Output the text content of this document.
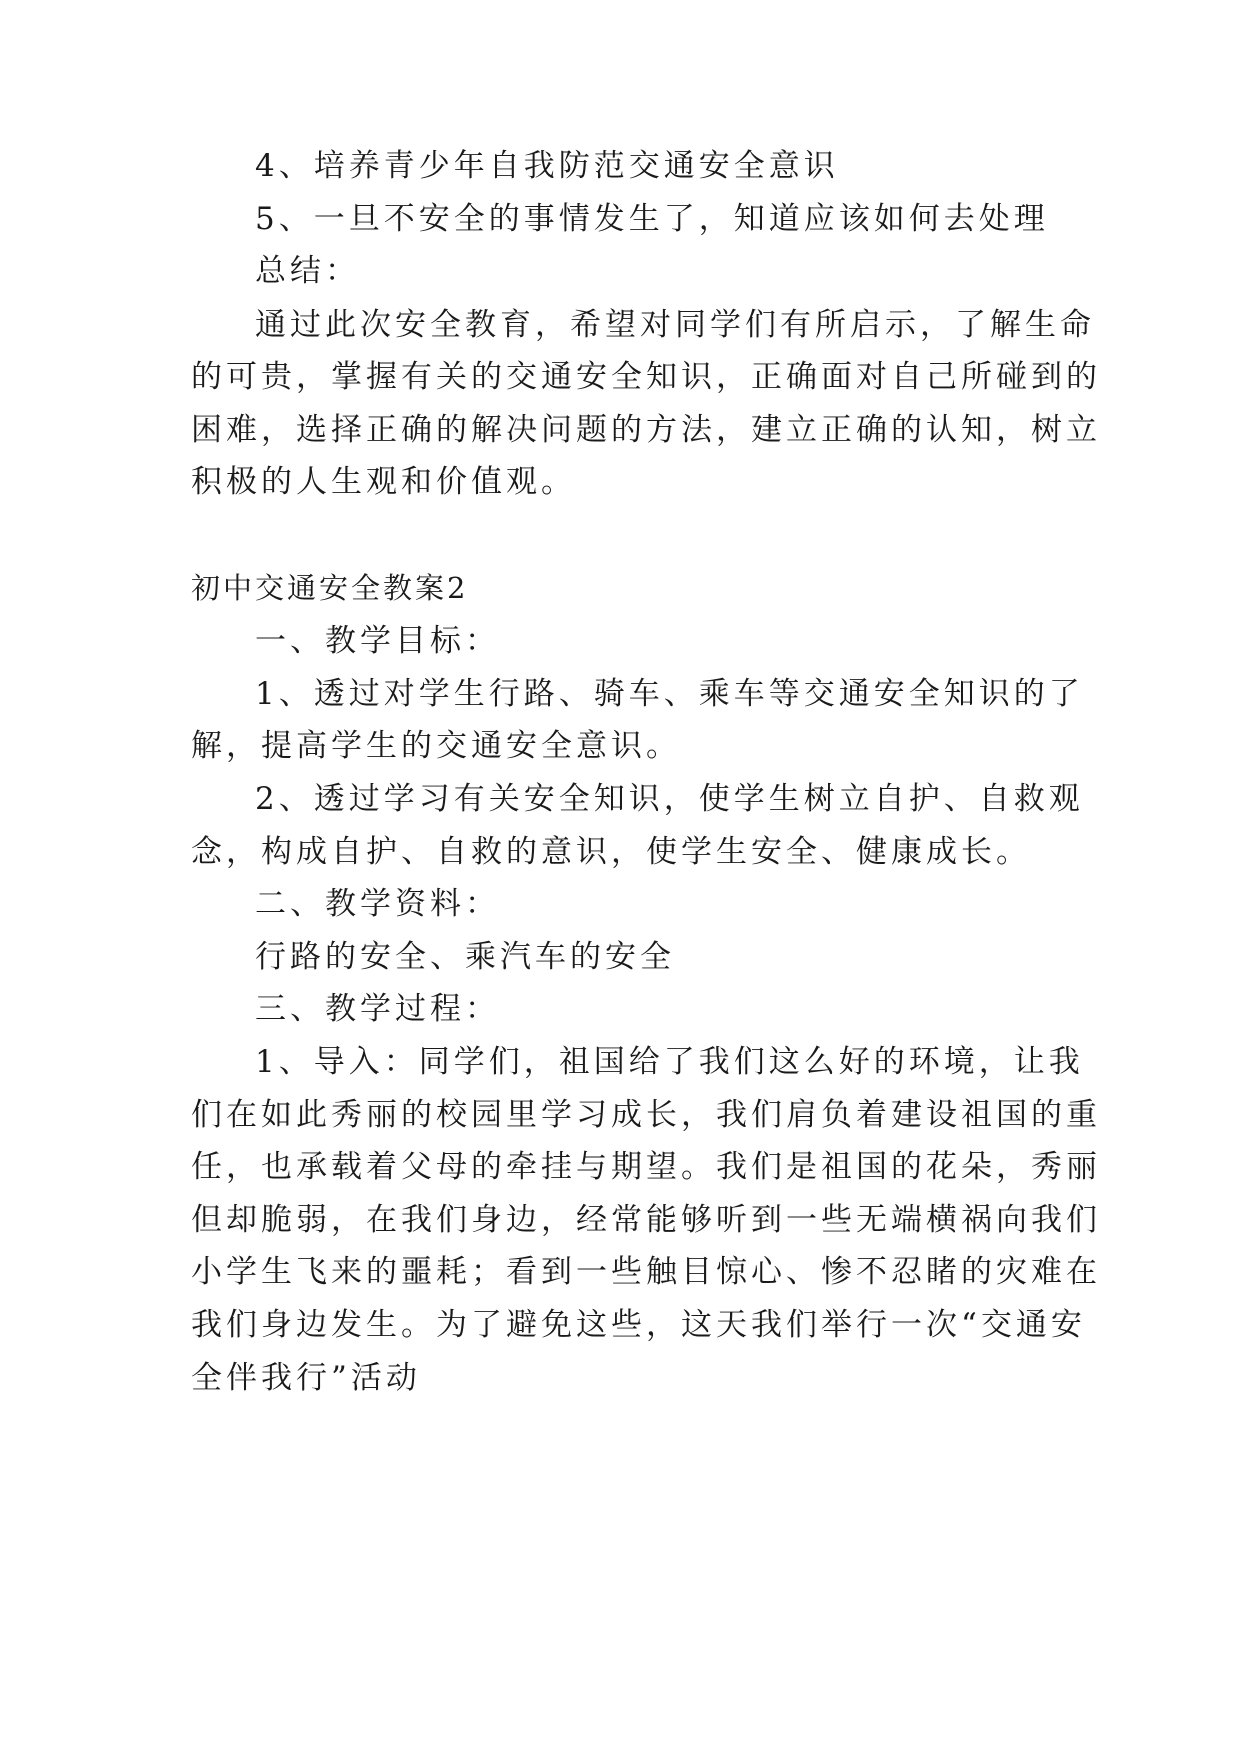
4、培养青少年自我防范交通安全意识
5、一旦不安全的事情发生了，知道应该如何去处理
总结：
通过此次安全教育，希望对同学们有所启示，了解生命
的可贵，掌握有关的交通安全知识，正确面对自己所碰到的
困难，选择正确的解决问题的方法，建立正确的认知，树立
积极的人生观和价值观。
初中交通安全教案2
一、教学目标：
1、透过对学生行路、骑车、乘车等交通安全知识的了
解，提高学生的交通安全意识。
2、透过学习有关安全知识，使学生树立自护、自救观
念，构成自护、自救的意识，使学生安全、健康成长。
二、教学资料：
行路的安全、乘汽车的安全
三、教学过程：
1、导入：同学们，祖国给了我们这么好的环境，让我
们在如此秀丽的校园里学习成长，我们肩负着建设祖国的重
任，也承载着父母的牵挂与期望。我们是祖国的花朵，秀丽
但却脆弱，在我们身边，经常能够听到一些无端横祸向我们
小学生飞来的噩耗；看到一些触目惊心、惨不忍睹的灾难在
我们身边发生。为了避免这些，这天我们举行一次“交通安
全伴我行”活动
